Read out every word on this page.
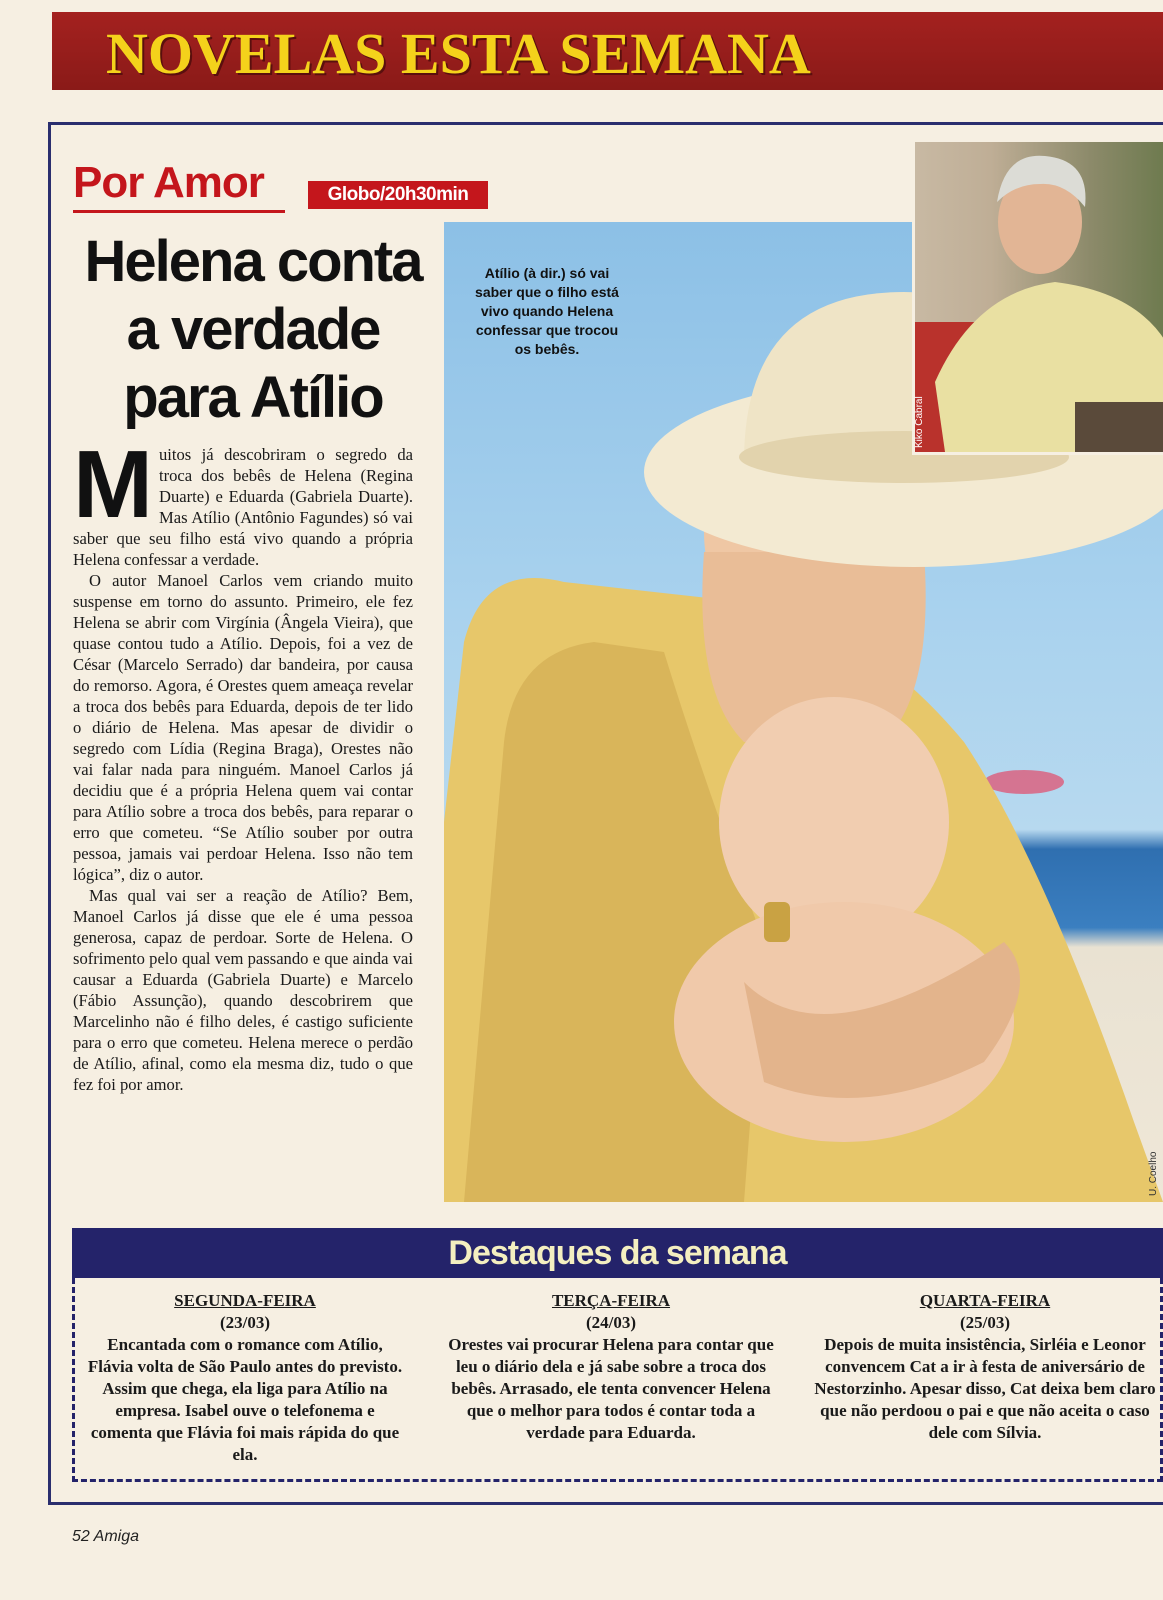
NOVELAS ESTA SEMANA
Por Amor	Globo/20h30min
Helena conta a verdade para Atílio

Muitos já descobriram o segredo da troca dos bebês de Helena (Regina Duarte) e Eduarda (Gabriela Duarte). Mas Atílio (Antônio Fagundes) só vai saber que seu filho está vivo quando a própria Helena confessar a verdade.

O autor Manoel Carlos vem criando muito suspense em torno do assunto. Primeiro, ele fez Helena se abrir com Virgínia (Ângela Vieira), que quase contou tudo a Atílio. Depois, foi a vez de César (Marcelo Serrado) dar bandeira, por causa do remorso. Agora, é Orestes quem ameaça revelar a troca dos bebês para Eduarda, depois de ter lido o diário de Helena. Mas apesar de dividir o segredo com Lídia (Regina Braga), Orestes não vai falar nada para ninguém. Manoel Carlos já decidiu que é a própria Helena quem vai contar para Atílio sobre a troca dos bebês, para reparar o erro que cometeu. “Se Atílio souber por outra pessoa, jamais vai perdoar Helena. Isso não tem lógica”, diz o autor.

Mas qual vai ser a reação de Atílio? Bem, Manoel Carlos já disse que ele é uma pessoa generosa, capaz de perdoar. Sorte de Helena. O sofrimento pelo qual vem passando e que ainda vai causar a Eduarda (Gabriela Duarte) e Marcelo (Fábio Assunção), quando descobrirem que Marcelinho não é filho deles, é castigo suficiente para o erro que cometeu. Helena merece o perdão de Atílio, afinal, como ela mesma diz, tudo o que fez foi por amor.

Atílio (à dir.) só vai saber que o filho está vivo quando Helena confessar que trocou os bebês.
Kiko Cabral
U. Coelho
Destaques da semana
SEGUNDA-FEIRA
(23/03)
Encantada com o romance com Atílio, Flávia volta de São Paulo antes do previsto. Assim que chega, ela liga para Atílio na empresa. Isabel ouve o telefonema e comenta que Flávia foi mais rápida do que ela.
TERÇA-FEIRA
(24/03)
Orestes vai procurar Helena para contar que leu o diário dela e já sabe sobre a troca dos bebês. Arrasado, ele tenta convencer Helena que o melhor para todos é contar toda a verdade para Eduarda.
QUARTA-FEIRA
(25/03)
Depois de muita insistência, Sirléia e Leonor convencem Cat a ir à festa de aniversário de Nestorzinho. Apesar disso, Cat deixa bem claro que não perdoou o pai e que não aceita o caso dele com Sílvia.
52 Amiga
